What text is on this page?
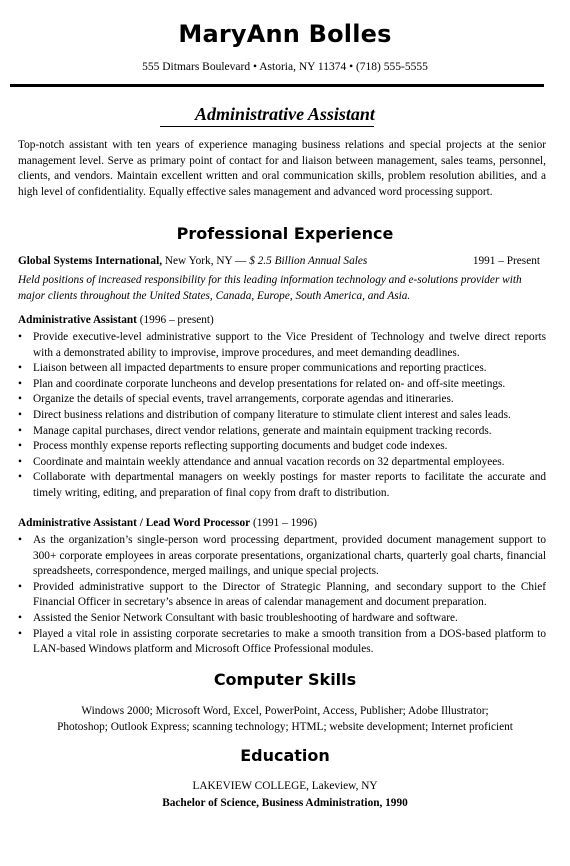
MaryAnn Bolles
555 Ditmars Boulevard • Astoria, NY 11374 • (718) 555-5555
Administrative Assistant

Top-notch assistant with ten years of experience managing business relations and special projects at the senior management level. Serve as primary point of contact for and liaison between management, sales teams, personnel, clients, and vendors. Maintain excellent written and oral communication skills, problem resolution abilities, and a high level of confidentiality. Equally effective sales management and advanced word processing support.

Professional Experience
Global Systems International, New York, NY — $ 2.5 Billion Annual Sales	1991 – Present

Held positions of increased responsibility for this leading information technology and e-solutions provider with major clients throughout the United States, Canada, Europe, South America, and Asia.

Administrative Assistant (1996 – present)
• Provide executive-level administrative support to the Vice President of Technology and twelve direct reports with a demonstrated ability to improvise, improve procedures, and meet demanding deadlines.
• Liaison between all impacted departments to ensure proper communications and reporting practices.
• Plan and coordinate corporate luncheons and develop presentations for related on- and off-site meetings.
• Organize the details of special events, travel arrangements, corporate agendas and itineraries.
• Direct business relations and distribution of company literature to stimulate client interest and sales leads.
• Manage capital purchases, direct vendor relations, generate and maintain equipment tracking records.
• Process monthly expense reports reflecting supporting documents and budget code indexes.
• Coordinate and maintain weekly attendance and annual vacation records on 32 departmental employees.
• Collaborate with departmental managers on weekly postings for master reports to facilitate the accurate and timely writing, editing, and preparation of final copy from draft to distribution.
Administrative Assistant / Lead Word Processor (1991 – 1996)
• As the organization’s single-person word processing department, provided document management support to 300+ corporate employees in areas corporate presentations, organizational charts, quarterly goal charts, financial spreadsheets, correspondence, merged mailings, and unique special projects.
• Provided administrative support to the Director of Strategic Planning, and secondary support to the Chief Financial Officer in secretary’s absence in areas of calendar management and document preparation.
• Assisted the Senior Network Consultant with basic troubleshooting of hardware and software.
• Played a vital role in assisting corporate secretaries to make a smooth transition from a DOS-based platform to LAN-based Windows platform and Microsoft Office Professional modules.
Computer Skills
Windows 2000; Microsoft Word, Excel, PowerPoint, Access, Publisher; Adobe Illustrator;
Photoshop; Outlook Express; scanning technology; HTML; website development; Internet proficient
Education
LAKEVIEW COLLEGE, Lakeview, NY
Bachelor of Science, Business Administration, 1990
